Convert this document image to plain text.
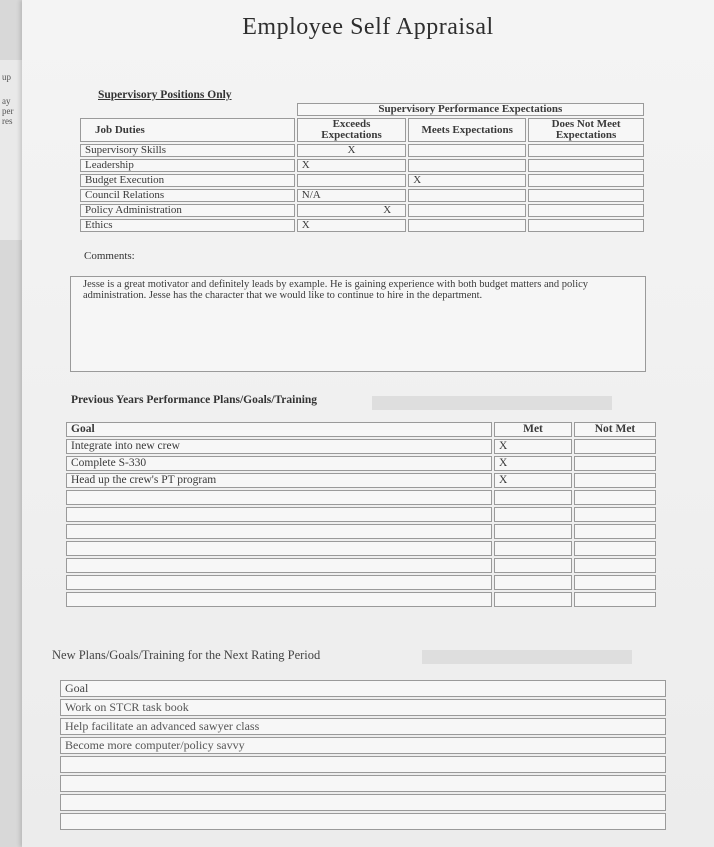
up
ay
per
res
Employee Self Appraisal
Supervisory Positions Only
	Supervisory Performance Expectations		
Job Duties	Exceeds Expectations	Meets Expectations	Does Not Meet Expectations
Supervisory Skills	X		
Leadership	X		
Budget Execution		X	
Council Relations	N/A		
Policy Administration	X		
Ethics	X		
Comments:
Jesse is a great motivator and definitely leads by example. He is gaining experience with both budget matters and policy administration. Jesse has the character that we would like to continue to hire in the department.
Previous Years Performance Plans/Goals/Training
Goal	Met	Not Met
Integrate into new crew	X	
Complete S-330	X	
Head up the crew's PT program	X	

New Plans/Goals/Training for the Next Rating Period
Goal
Work on STCR task book
Help facilitate an advanced sawyer class
Become more computer/policy savvy
